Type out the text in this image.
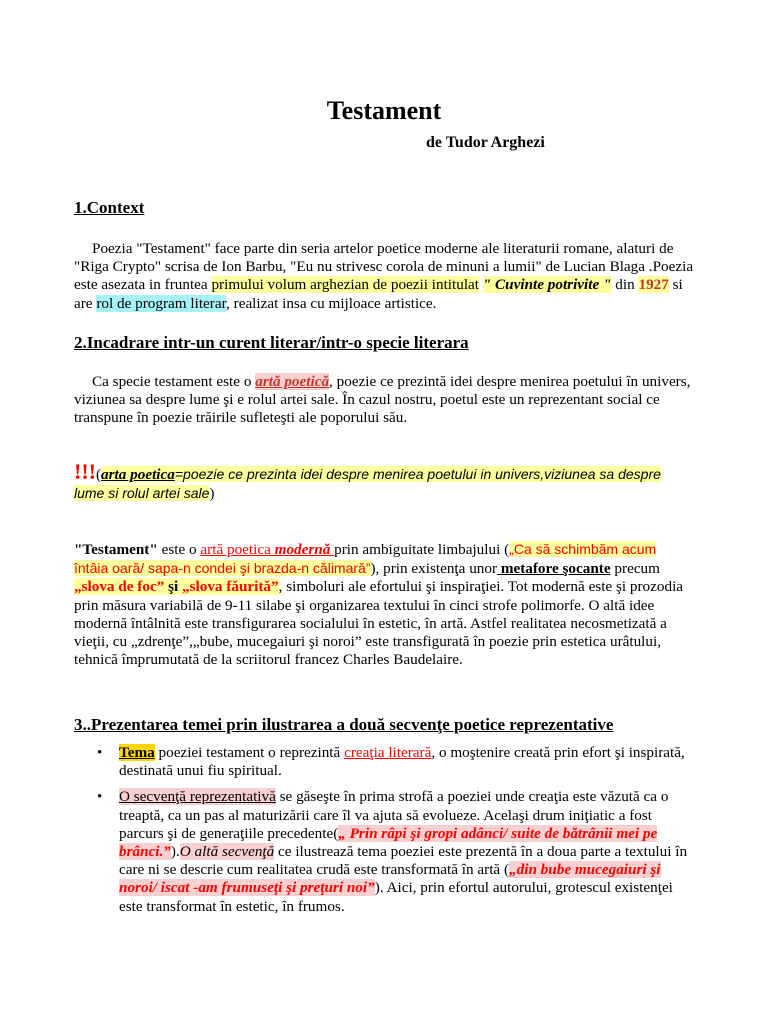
Testament
de Tudor Arghezi
1.Context

Poezia "Testament" face parte din seria artelor poetice moderne ale literaturii romane, alaturi de "Riga Crypto" scrisa de Ion Barbu, "Eu nu strivesc corola de minuni a lumii" de Lucian Blaga .Poezia este asezata in fruntea primului volum arghezian de poezii intitulat " Cuvinte potrivite " din 1927 si are rol de program literar, realizat insa cu mijloace artistice.

2.Incadrare intr-un curent literar/intr-o specie literara

Ca specie testament este o artă poetică, poezie ce prezintă idei despre menirea poetului în univers, viziunea sa despre lume şi e rolul artei sale. În cazul nostru, poetul este un reprezentant social ce transpune în poezie trăirile sufleteşti ale poporului său.

!!!(arta poetica=poezie ce prezinta idei despre menirea poetului in univers,viziunea sa despre lume si rolul artei sale)

"Testament" este o artă poetica modernă prin ambiguitate limbajului („Ca să schimbăm acum întâia oară/ sapa-n condei şi brazda-n călimară”), prin existenţa unor metafore şocante precum „slova de foc” şi „slova făurită”, simboluri ale efortului şi inspiraţiei. Tot modernă este şi prozodia prin măsura variabilă de 9-11 silabe şi organizarea textului în cinci strofe polimorfe. O altă idee modernă întâlnită este transfigurarea socialului în estetic, în artă. Astfel realitatea necosmetizată a vieţii, cu „zdrenţe”,„bube, mucegaiuri şi noroi” este transfigurată în poezie prin estetica urâtului, tehnică împrumutată de la scriitorul francez Charles Baudelaire.

3..Prezentarea temei prin ilustrarea a două secvenţe poetice reprezentative
• Tema poeziei testament o reprezintă creaţia literară, o moştenire creată prin efort şi inspirată, destinată unui fiu spiritual.
• O secvenţă reprezentativă se găseşte în prima strofă a poeziei unde creaţia este văzută ca o treaptă, ca un pas al maturizării care îl va ajuta să evolueze. Acelaşi drum iniţiatic a fost parcurs şi de generaţiile precedente(„ Prin râpi şi gropi adânci/ suite de bătrânii mei pe brânci.”).O altă secvenţă ce ilustrează tema poeziei este prezentă în a doua parte a textului în care ni se descrie cum realitatea crudă este transformată în artă („din bube mucegaiuri şi noroi/ iscat -am frumuseţi şi preţuri noi”). Aici, prin efortul autorului, grotescul existenţei este transformat în estetic, în frumos.
